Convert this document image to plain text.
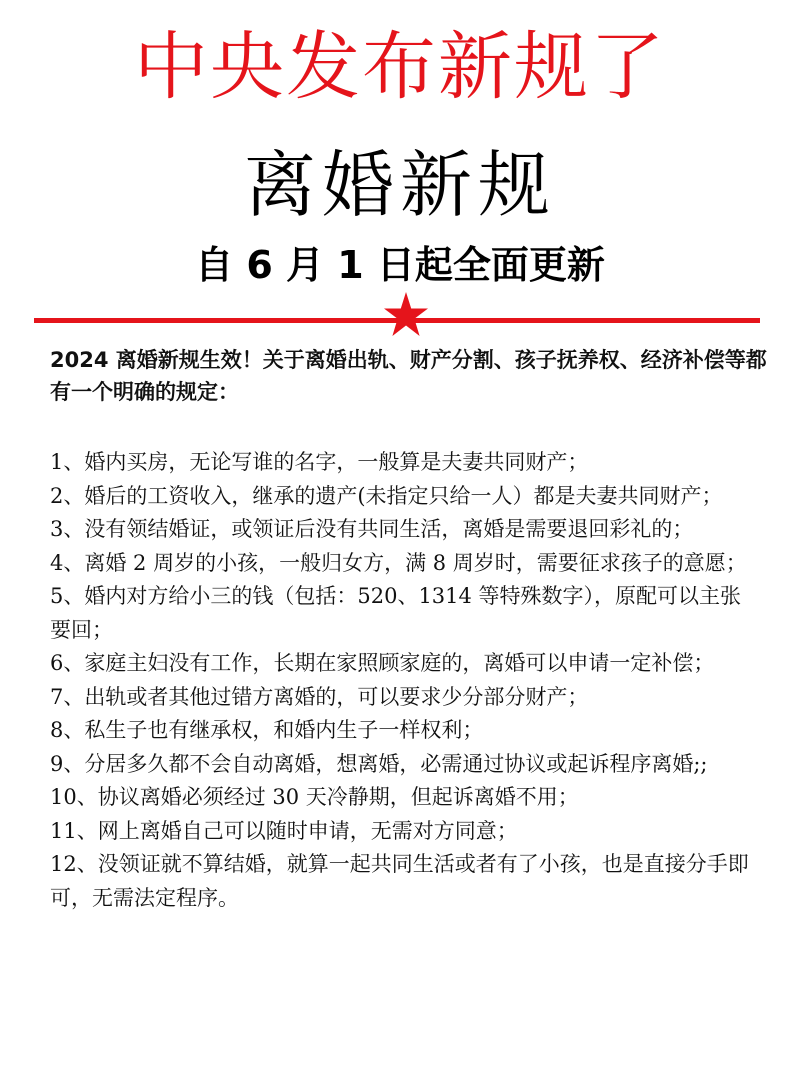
中央发布新规了
离婚新规
自 6 月 1 日起全面更新
2024 离婚新规生效！关于离婚出轨、财产分割、孩子抚养权、经济补偿等都有一个明确的规定：
1、婚内买房，无论写谁的名字，一般算是夫妻共同财产；
2、婚后的工资收入，继承的遗产(未指定只给一人）都是夫妻共同财产；
3、没有领结婚证，或领证后没有共同生活，离婚是需要退回彩礼的；
4、离婚 2 周岁的小孩，一般归女方，满 8 周岁时，需要征求孩子的意愿；
5、婚内对方给小三的钱（包括：520、1314 等特殊数字），原配可以主张要回；
6、家庭主妇没有工作，长期在家照顾家庭的，离婚可以申请一定补偿；
7、出轨或者其他过错方离婚的，可以要求少分部分财产；
8、私生子也有继承权，和婚内生子一样权利；
9、分居多久都不会自动离婚，想离婚，必需通过协议或起诉程序离婚;;
10、协议离婚必须经过 30 天冷静期，但起诉离婚不用；
11、网上离婚自己可以随时申请，无需对方同意；
12、没领证就不算结婚，就算一起共同生活或者有了小孩，也是直接分手即可，无需法定程序。
